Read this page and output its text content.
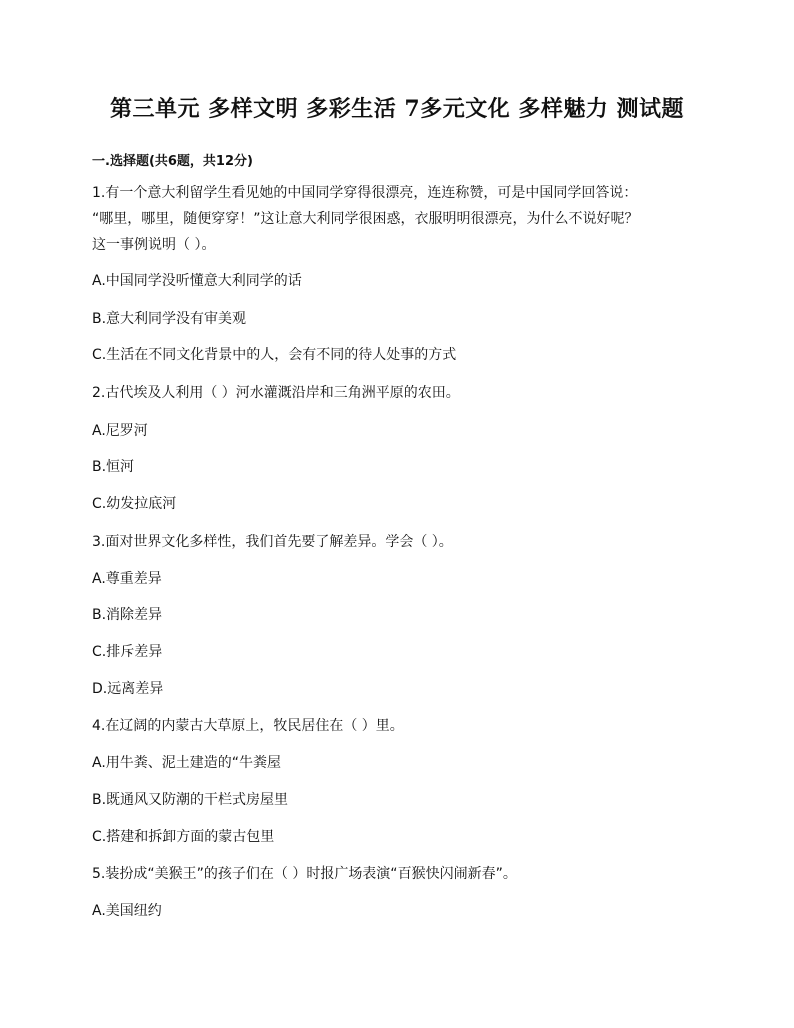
第三单元 多样文明 多彩生活 7多元文化 多样魅力 测试题
一.选择题(共6题，共12分)
1.有一个意大利留学生看见她的中国同学穿得很漂亮，连连称赞，可是中国同学回答说：
“哪里，哪里，随便穿穿！”这让意大利同学很困惑，衣服明明很漂亮，为什么不说好呢？
这一事例说明（ ）。
A.中国同学没听懂意大利同学的话
B.意大利同学没有审美观
C.生活在不同文化背景中的人，会有不同的待人处事的方式
2.古代埃及人利用（ ）河水灌溉沿岸和三角洲平原的农田。
A.尼罗河
B.恒河
C.幼发拉底河
3.面对世界文化多样性，我们首先要了解差异。学会（ ）。
A.尊重差异
B.消除差异
C.排斥差异
D.远离差异
4.在辽阔的内蒙古大草原上，牧民居住在（ ）里。
A.用牛粪、泥土建造的“牛粪屋
B.既通风又防潮的干栏式房屋里
C.搭建和拆卸方面的蒙古包里
5.装扮成“美猴王”的孩子们在（ ）时报广场表演“百猴快闪闹新春”。
A.美国纽约
